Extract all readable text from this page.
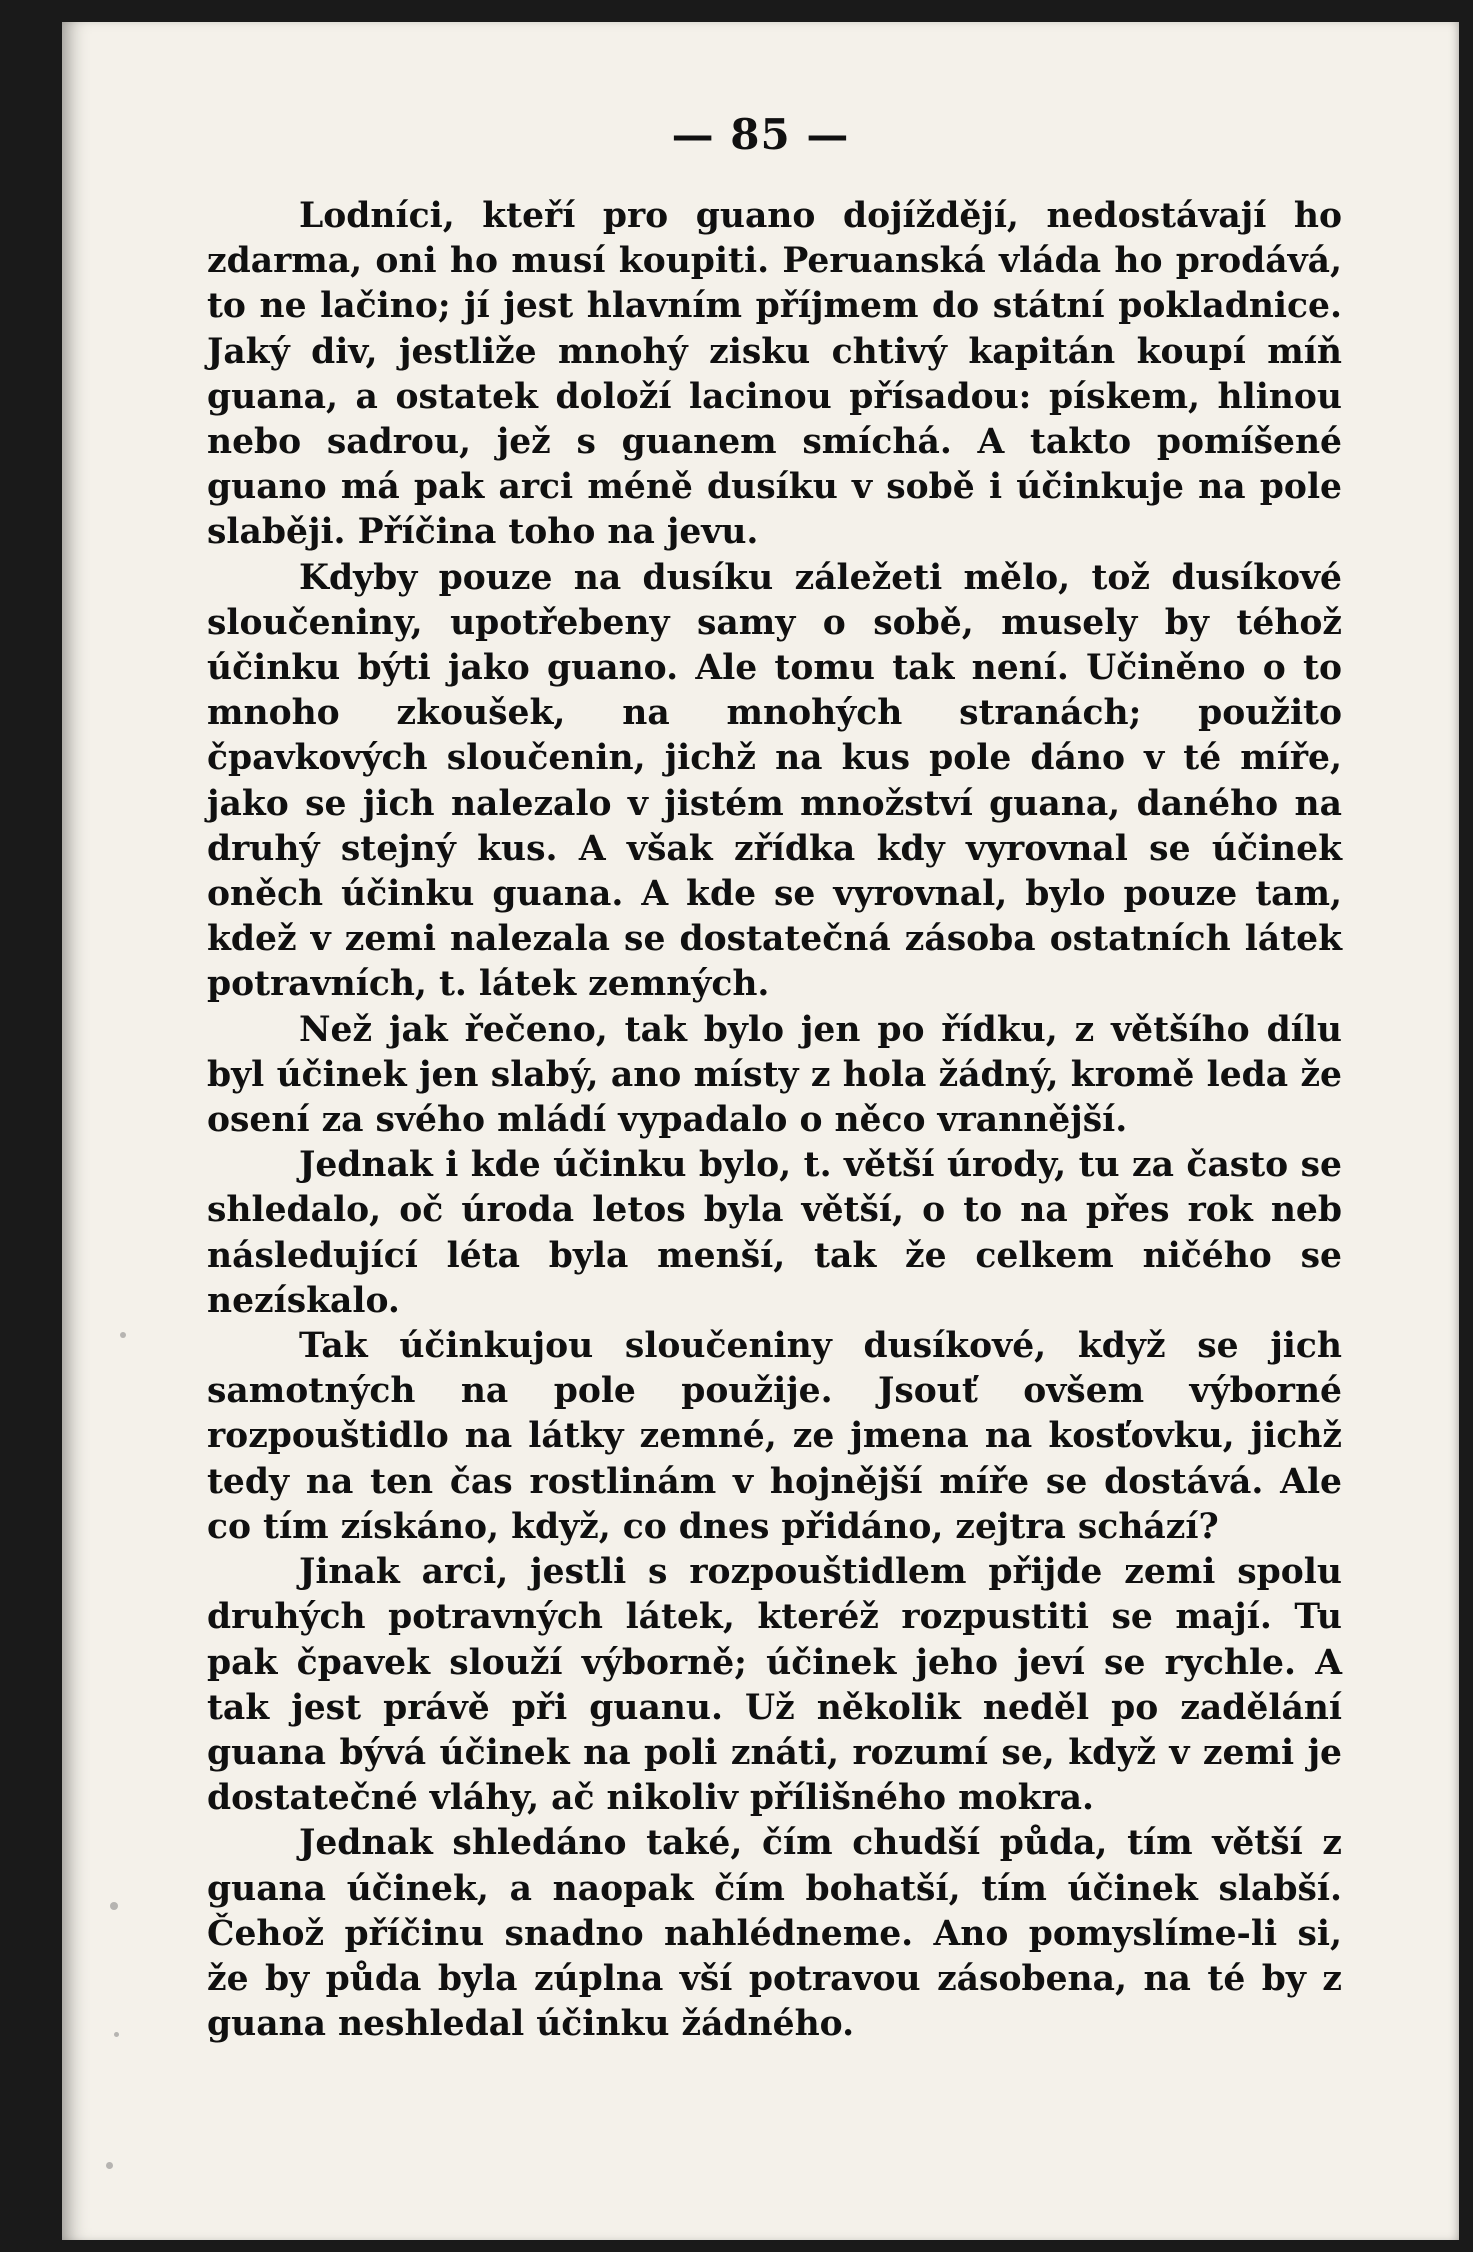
— 85 —

Lodníci, kteří pro guano dojíždějí, nedostávají ho zdarma, oni ho musí koupiti. Peruanská vláda ho prodává, to ne lačino; jí jest hlavním příjmem do státní pokladnice. Jaký div, jestliže mnohý zisku chtivý kapitán koupí míň guana, a ostatek doloží lacinou přísadou: pískem, hlinou nebo sadrou, jež s guanem smíchá. A takto pomíšené guano má pak arci méně dusíku v sobě i účinkuje na pole slaběji. Příčina toho na jevu.

Kdyby pouze na dusíku záležeti mělo, tož dusíkové sloučeniny, upotřebeny samy o sobě, musely by téhož účinku býti jako guano. Ale tomu tak není. Učiněno o to mnoho zkoušek, na mnohých stranách; použito čpavkových sloučenin, jichž na kus pole dáno v té míře, jako se jich nalezalo v jistém množství guana, daného na druhý stejný kus. A však zřídka kdy vyrovnal se účinek oněch účinku guana. A kde se vyrovnal, bylo pouze tam, kdež v zemi nalezala se dostatečná zásoba ostatních látek potravních, t. látek zemných.

Než jak řečeno, tak bylo jen po řídku, z většího dílu byl účinek jen slabý, ano místy z hola žádný, kromě leda že osení za svého mládí vypadalo o něco vrannější.

Jednak i kde účinku bylo, t. větší úrody, tu za často se shledalo, oč úroda letos byla větší, o to na přes rok neb následující léta byla menší, tak že celkem ničého se nezískalo.

Tak účinkujou sloučeniny dusíkové, když se jich samotných na pole použije. Jsouť ovšem výborné rozpouštidlo na látky zemné, ze jmena na kosťovku, jichž tedy na ten čas rostlinám v hojnější míře se dostává. Ale co tím získáno, když, co dnes přidáno, zejtra schází?

Jinak arci, jestli s rozpouštidlem přijde zemi spolu druhých potravných látek, kteréž rozpustiti se mají. Tu pak čpavek slouží výborně; účinek jeho jeví se rychle. A tak jest právě při guanu. Už několik neděl po zadělání guana bývá účinek na poli znáti, rozumí se, když v zemi je dostatečné vláhy, ač nikoliv přílišného mokra.

Jednak shledáno také, čím chudší půda, tím větší z guana účinek, a naopak čím bohatší, tím účinek slabší. Čehož příčinu snadno nahlédneme. Ano pomyslíme-li si, že by půda byla zúplna vší potravou zásobena, na té by z guana neshledal účinku žádného.
